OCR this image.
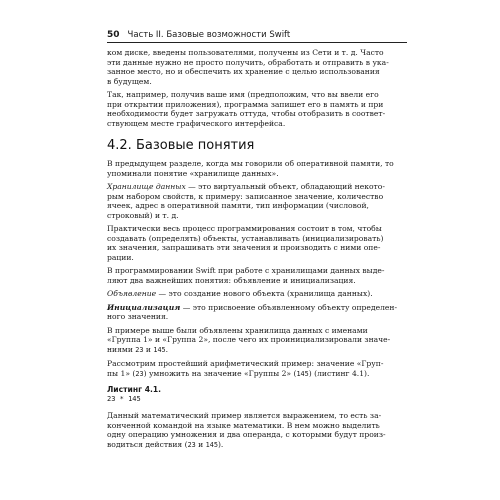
50 Часть II. Базовые возможности Swift

ком диске, введены пользователями, получены из Сети и т. д. Часто
эти данные нужно не просто получить, обработать и отправить в ука-
занное место, но и обеспечить их хранение с целью использования
в будущем.

Так, например, получив ваше имя (предположим, что вы ввели его
при открытии приложения), программа запишет его в память и при
необходимости будет загружать оттуда, чтобы отобразить в соответ-
ствующем месте графического интерфейса.

4.2. Базовые понятия

В предыдущем разделе, когда мы говорили об оперативной памяти, то
упоминали понятие «хранилище данных».

Хранилище данных — это виртуальный объект, обладающий некото-
рым набором свойств, к примеру: записанное значение, количество
ячеек, адрес в оперативной памяти, тип информации (числовой,
строковый) и т. д.

Практически весь процесс программирования состоит в том, чтобы
создавать (определять) объекты, устанавливать (инициализировать)
их значения, запрашивать эти значения и производить с ними опе-
рации.

В программировании Swift при работе с хранилищами данных выде-
ляют два важнейших понятия: объявление и инициализация.

Объявление — это создание нового объекта (хранилища данных).

Инициализация — это присвоение объявленному объекту определен-
ного значения.

В примере выше были объявлены хранилища данных с именами
«Группа 1» и «Группа 2», после чего их проинициализировали значе-
ниями 23 и 145.

Рассмотрим простейший арифметический пример: значение «Груп-
пы 1» (23) умножить на значение «Группы 2» (145) (листинг 4.1).

Листинг 4.1.
23 * 145

Данный математический пример является выражением, то есть за-
конченной командой на языке математики. В нем можно выделить
одну операцию умножения и два операнда, с которыми будут произ-
водиться действия (23 и 145).
